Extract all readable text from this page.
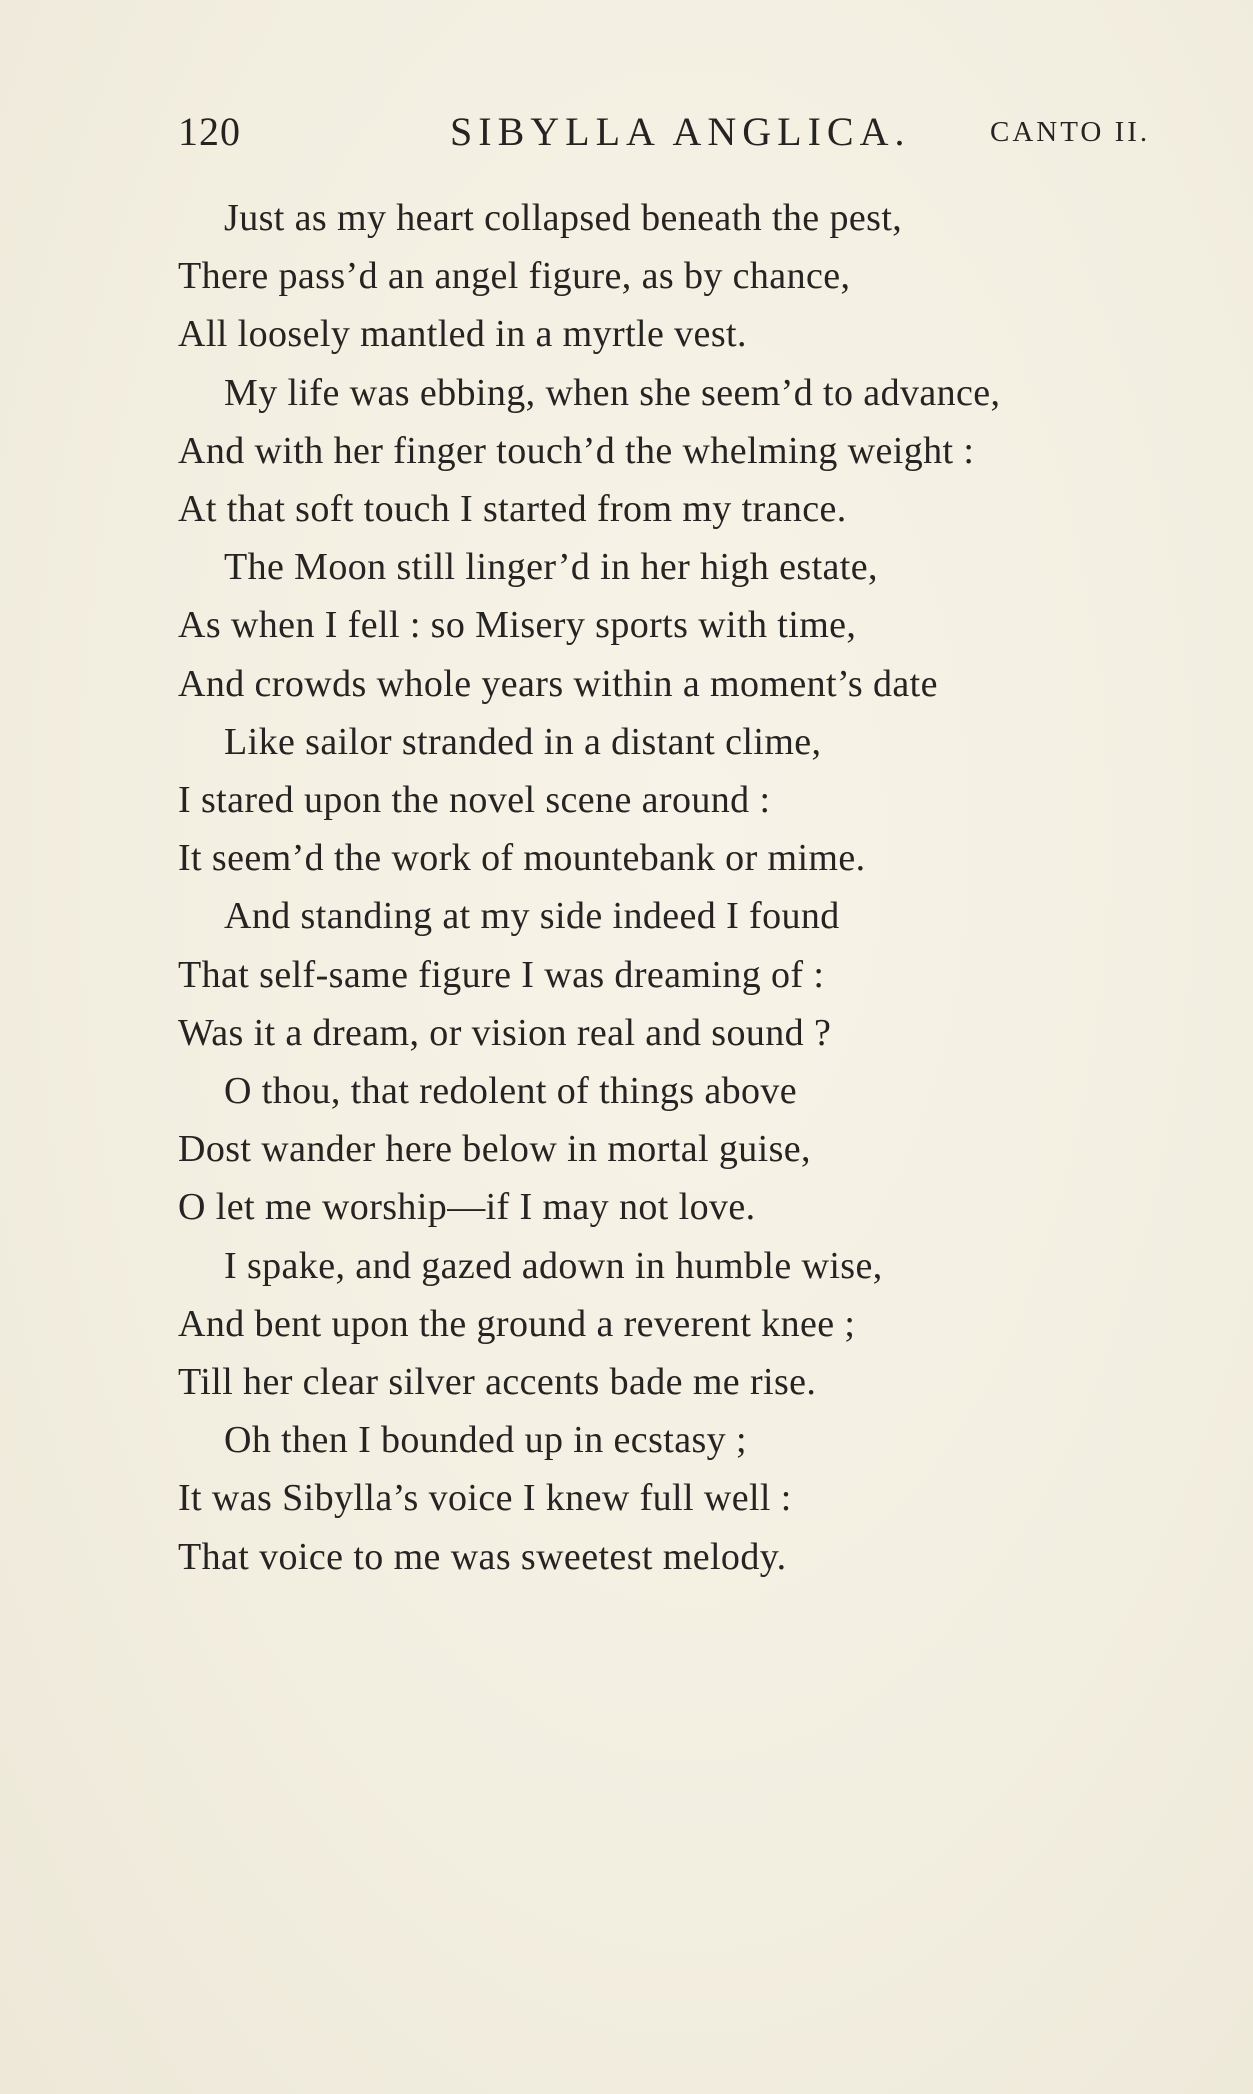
120	SIBYLLA ANGLICA.	CANTO II.
Just as my heart collapsed beneath the pest,
There pass’d an angel figure, as by chance,
All loosely mantled in a myrtle vest.
My life was ebbing, when she seem’d to advance,
And with her finger touch’d the whelming weight :
At that soft touch I started from my trance.
The Moon still linger’d in her high estate,
As when I fell : so Misery sports with time,
And crowds whole years within a moment’s date
Like sailor stranded in a distant clime,
I stared upon the novel scene around :
It seem’d the work of mountebank or mime.
And standing at my side indeed I found
That self-same figure I was dreaming of :
Was it a dream, or vision real and sound ?
O thou, that redolent of things above
Dost wander here below in mortal guise,
O let me worship—if I may not love.
I spake, and gazed adown in humble wise,
And bent upon the ground a reverent knee ;
Till her clear silver accents bade me rise.
Oh then I bounded up in ecstasy ;
It was Sibylla’s voice I knew full well :
That voice to me was sweetest melody.
